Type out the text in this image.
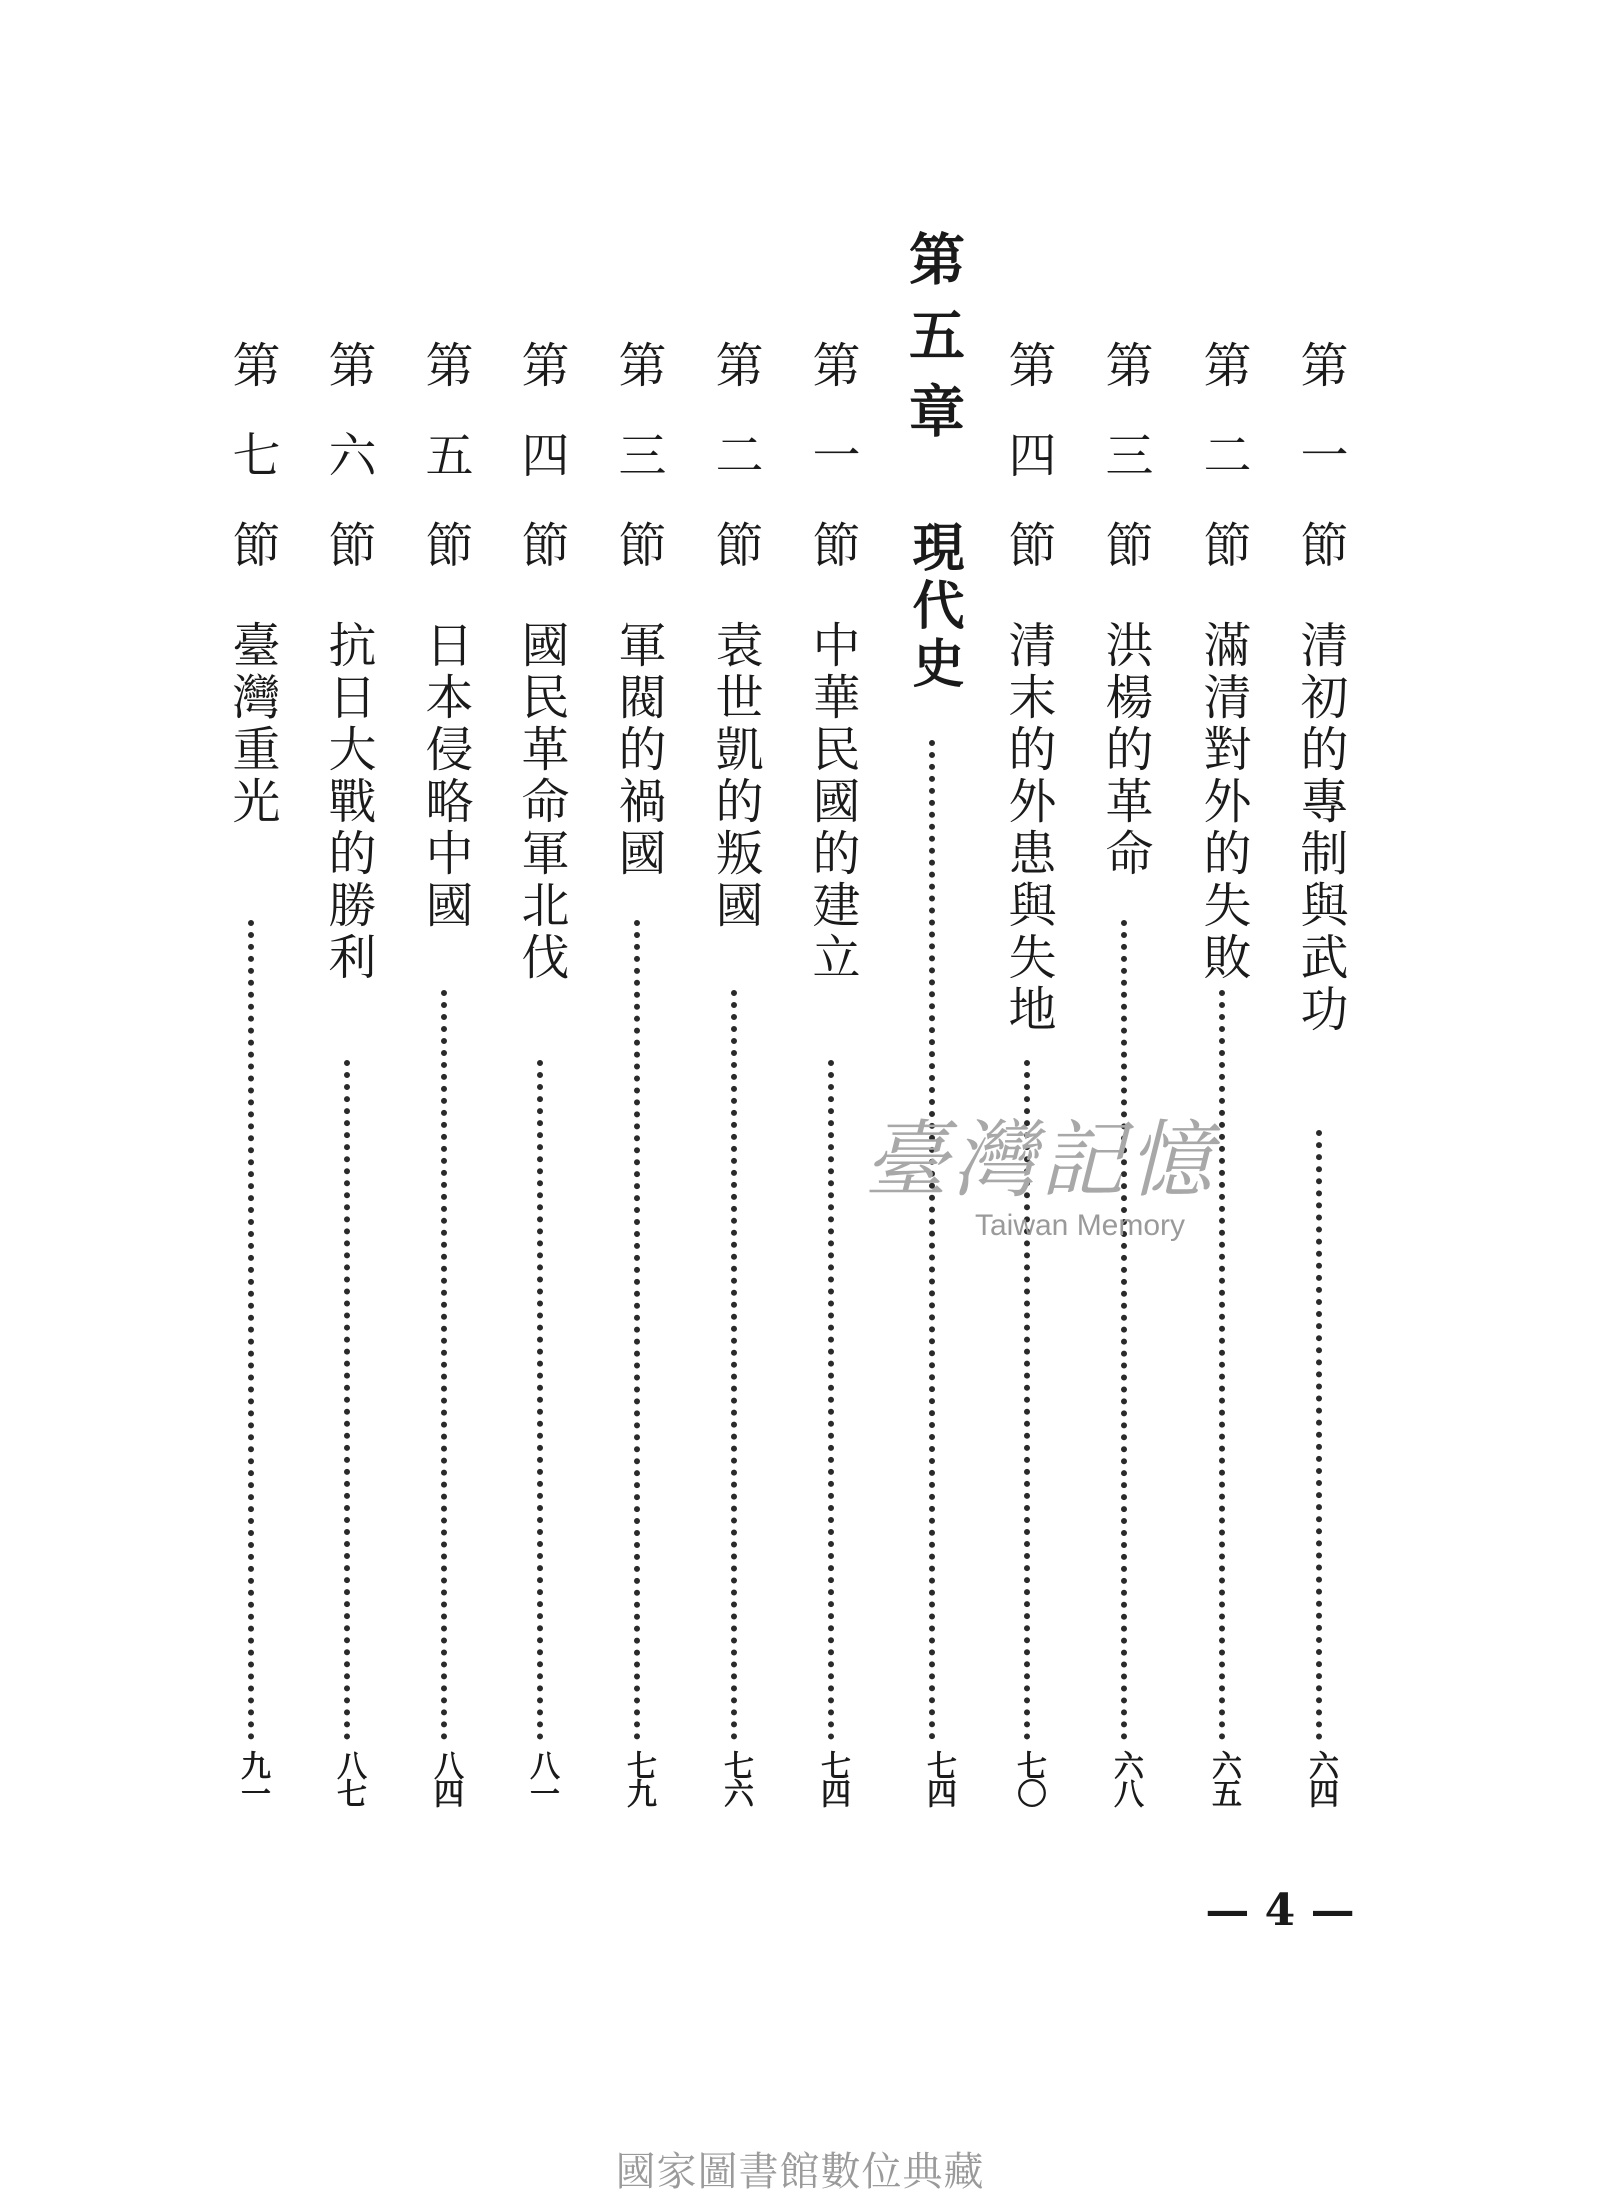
第一節
清初的專制與武功
六四
第二節
滿清對外的失敗
六五
第三節
洪楊的革命
六八
第四節
清末的外患與失地
七〇
第五章
現代史
七四
第一節
中華民國的建立
七四
第二節
袁世凱的叛國
七六
第三節
軍閥的禍國
七九
第四節
國民革命軍北伐
八一
第五節
日本侵略中國
八四
第六節
抗日大戰的勝利
八七
第七節
臺灣重光
九一
臺灣記憶
Taiwan Memory
— 4 —
國家圖書館數位典藏
